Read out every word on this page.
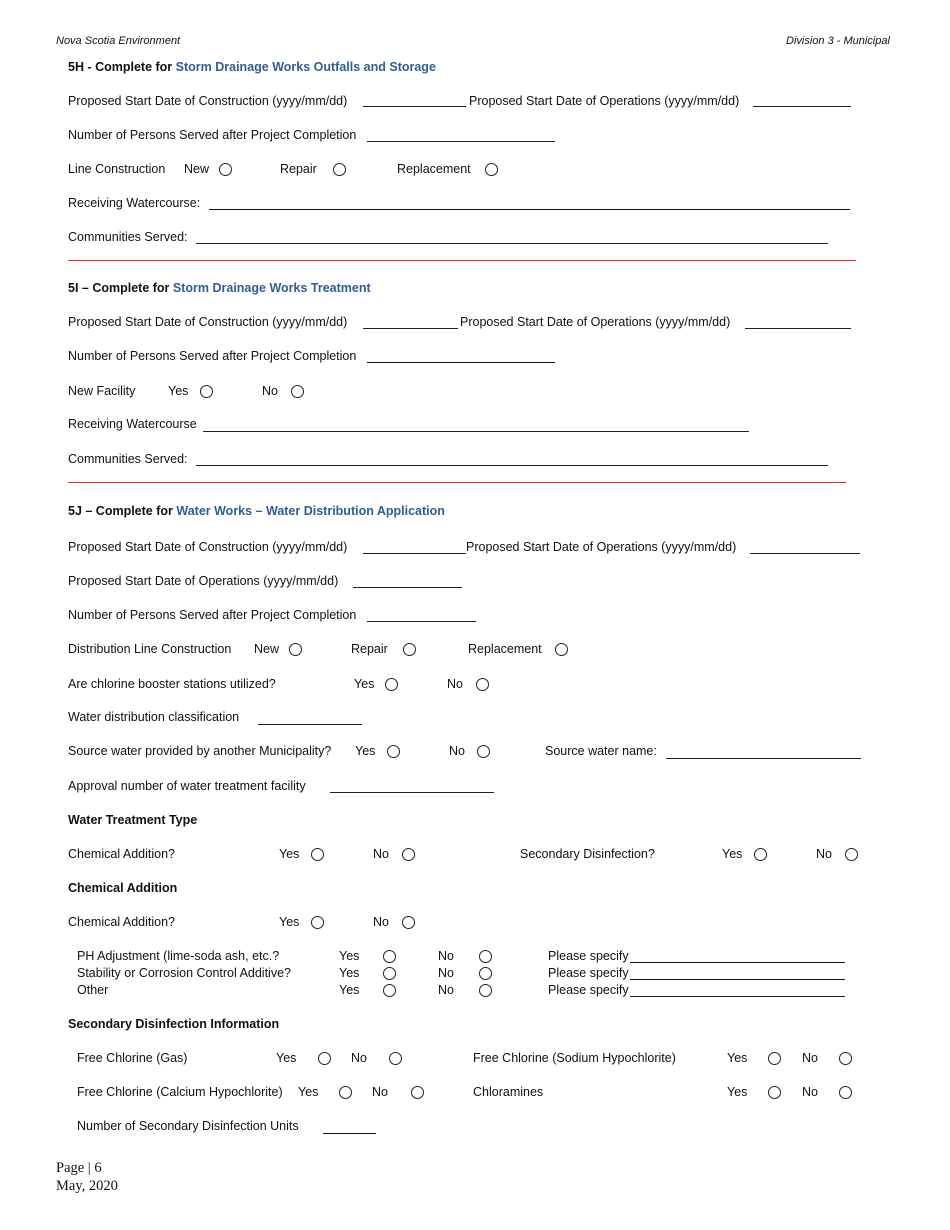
Nova Scotia Environment	Division 3 - Municipal
5H - Complete for Storm Drainage Works Outfalls and Storage
Proposed Start Date of Construction (yyyy/mm/dd)	Proposed Start Date of Operations (yyyy/mm/dd)
Number of Persons Served after Project Completion
Line Construction New	Repair	Replacement
Receiving Watercourse:
Communities Served:
5I – Complete for Storm Drainage Works Treatment
Proposed Start Date of Construction (yyyy/mm/dd)	Proposed Start Date of Operations (yyyy/mm/dd)
Number of Persons Served after Project Completion
New Facility	Yes	No
Receiving Watercourse
Communities Served:
5J – Complete for Water Works – Water Distribution Application
Proposed Start Date of Construction (yyyy/mm/dd)	Proposed Start Date of Operations (yyyy/mm/dd)
Proposed Start Date of Operations (yyyy/mm/dd)
Number of Persons Served after Project Completion
Distribution Line Construction New	Repair	Replacement
Are chlorine booster stations utilized?	Yes	No
Water distribution classification
Source water provided by another Municipality? Yes	No	Source water name:
Approval number of water treatment facility
Water Treatment Type
Chemical Addition?	Yes	No	Secondary Disinfection?	Yes	No
Chemical Addition
Chemical Addition?	Yes	No
PH Adjustment (lime-soda ash, etc.?	Yes	No	Please specify
Stability or Corrosion Control Additive?	Yes	No	Please specify
Other	Yes	No	Please specify
Secondary Disinfection Information
Free Chlorine (Gas)	Yes	No	Free Chlorine (Sodium Hypochlorite)	Yes	No
Free Chlorine (Calcium Hypochlorite) Yes	No	Chloramines	Yes	No
Number of Secondary Disinfection Units
Page | 6
May, 2020
